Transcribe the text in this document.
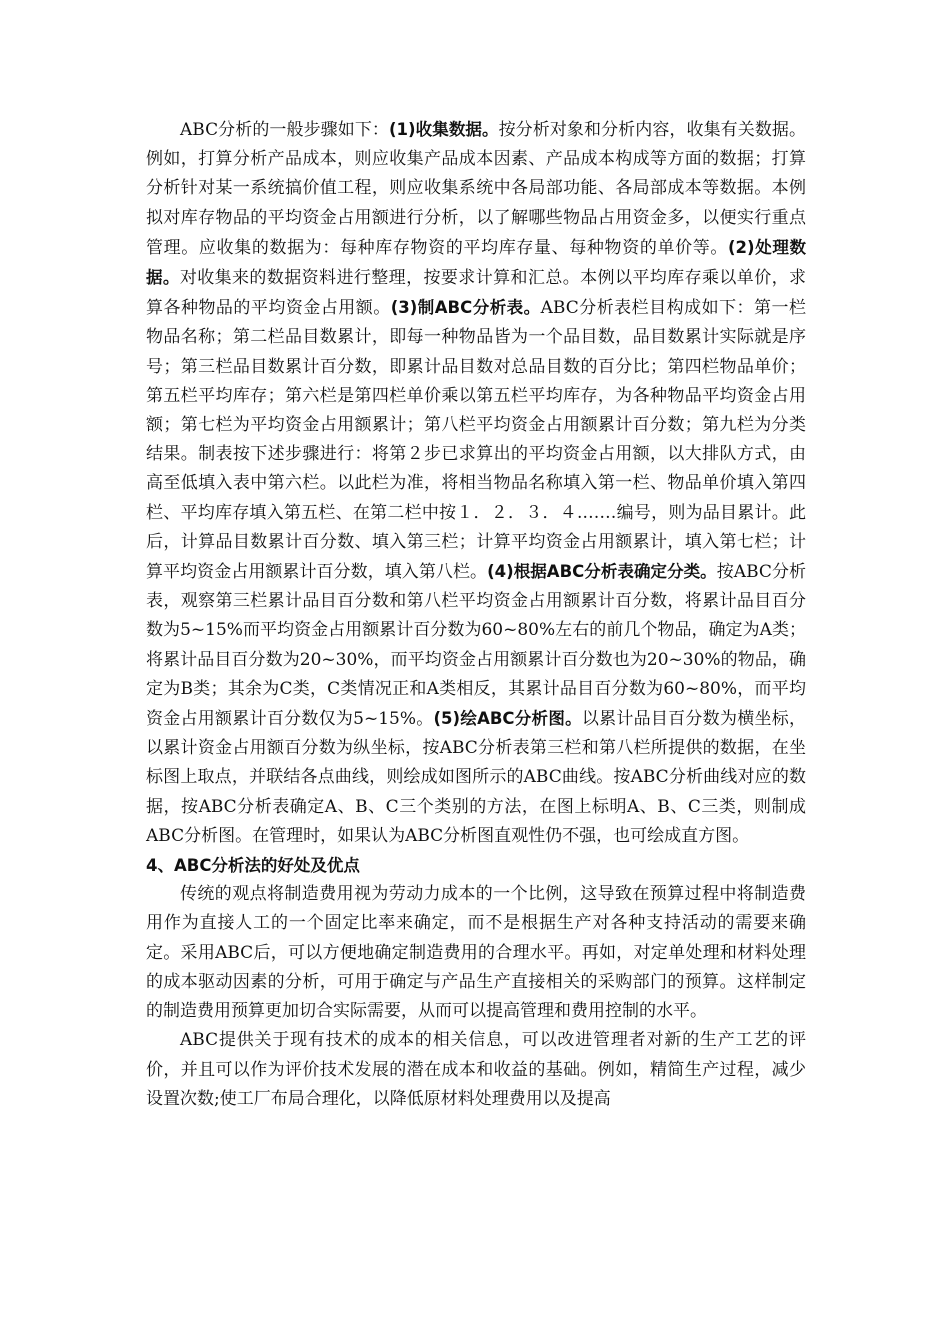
ABC分析的一般步骤如下：(1)收集数据。按分析对象和分析内容，收集有关数据。例如，打算分析产品成本，则应收集产品成本因素、产品成本构成等方面的数据；打算分析针对某一系统搞价值工程，则应收集系统中各局部功能、各局部成本等数据。本例拟对库存物品的平均资金占用额进行分析，以了解哪些物品占用资金多，以便实行重点管理。应收集的数据为：每种库存物资的平均库存量、每种物资的单价等。(2)处理数据。对收集来的数据资料进行整理，按要求计算和汇总。本例以平均库存乘以单价，求算各种物品的平均资金占用额。(3)制ABC分析表。ABC分析表栏目构成如下：第一栏物品名称；第二栏品目数累计，即每一种物品皆为一个品目数，品目数累计实际就是序号；第三栏品目数累计百分数，即累计品目数对总品目数的百分比；第四栏物品单价；第五栏平均库存；第六栏是第四栏单价乘以第五栏平均库存，为各种物品平均资金占用额；第七栏为平均资金占用额累计；第八栏平均资金占用额累计百分数；第九栏为分类结果。制表按下述步骤进行：将第２步已求算出的平均资金占用额，以大排队方式，由高至低填入表中第六栏。以此栏为准，将相当物品名称填入第一栏、物品单价填入第四栏、平均库存填入第五栏、在第二栏中按１．２．３．４.……编号，则为品目累计。此后，计算品目数累计百分数、填入第三栏；计算平均资金占用额累计，填入第七栏；计算平均资金占用额累计百分数，填入第八栏。(4)根据ABC分析表确定分类。按ABC分析表，观察第三栏累计品目百分数和第八栏平均资金占用额累计百分数，将累计品目百分数为5~15%而平均资金占用额累计百分数为60~80%左右的前几个物品，确定为A类；将累计品目百分数为20~30%，而平均资金占用额累计百分数也为20~30%的物品，确定为B类；其余为C类，C类情况正和A类相反，其累计品目百分数为60~80%，而平均资金占用额累计百分数仅为5~15%。(5)绘ABC分析图。以累计品目百分数为横坐标，以累计资金占用额百分数为纵坐标，按ABC分析表第三栏和第八栏所提供的数据，在坐标图上取点，并联结各点曲线，则绘成如图所示的ABC曲线。按ABC分析曲线对应的数据，按ABC分析表确定A、B、C三个类别的方法，在图上标明A、B、C三类，则制成ABC分析图。在管理时，如果认为ABC分析图直观性仍不强，也可绘成直方图。

4、ABC分析法的好处及优点

传统的观点将制造费用视为劳动力成本的一个比例，这导致在预算过程中将制造费用作为直接人工的一个固定比率来确定，而不是根据生产对各种支持活动的需要来确定。采用ABC后，可以方便地确定制造费用的合理水平。再如，对定单处理和材料处理的成本驱动因素的分析，可用于确定与产品生产直接相关的采购部门的预算。这样制定的制造费用预算更加切合实际需要，从而可以提高管理和费用控制的水平。

ABC提供关于现有技术的成本的相关信息，可以改进管理者对新的生产工艺的评价，并且可以作为评价技术发展的潜在成本和收益的基础。例如，精简生产过程，减少设置次数;使工厂布局合理化，以降低原材料处理费用以及提高
